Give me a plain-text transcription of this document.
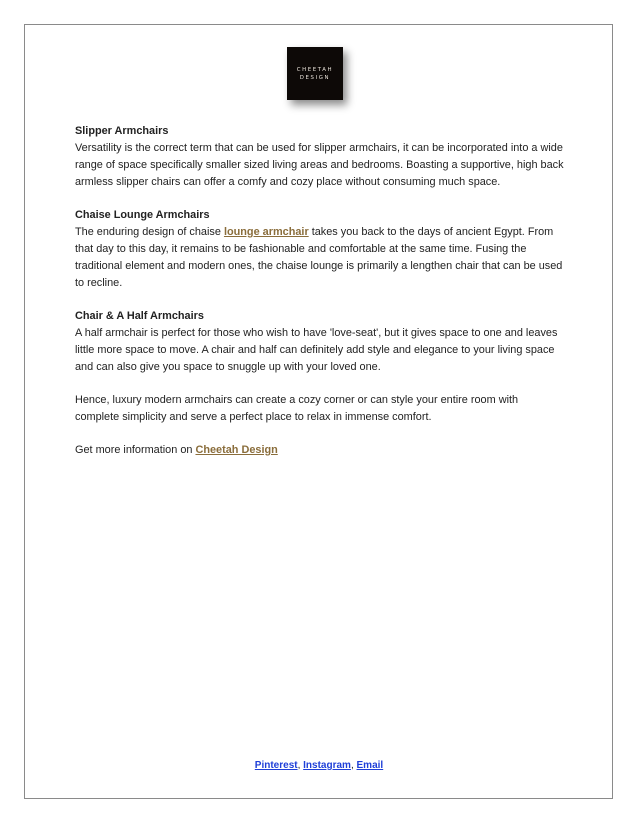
CHEETAH
DESIGN

Slipper Armchairs

Versatility is the correct term that can be used for slipper armchairs, it can be incorporated into a wide range of space specifically smaller sized living areas and bedrooms. Boasting a supportive, high back armless slipper chairs can offer a comfy and cozy place without consuming much space.

Chaise Lounge Armchairs

The enduring design of chaise lounge armchair takes you back to the days of ancient Egypt. From that day to this day, it remains to be fashionable and comfortable at the same time. Fusing the traditional element and modern ones, the chaise lounge is primarily a lengthen chair that can be used to recline.

Chair & A Half Armchairs

A half armchair is perfect for those who wish to have 'love-seat', but it gives space to one and leaves little more space to move. A chair and half can definitely add style and elegance to your living space and can also give you space to snuggle up with your loved one.

Hence, luxury modern armchairs can create a cozy corner or can style your entire room with complete simplicity and serve a perfect place to relax in immense comfort.

Get more information on Cheetah Design

Pinterest, Instagram, Email
